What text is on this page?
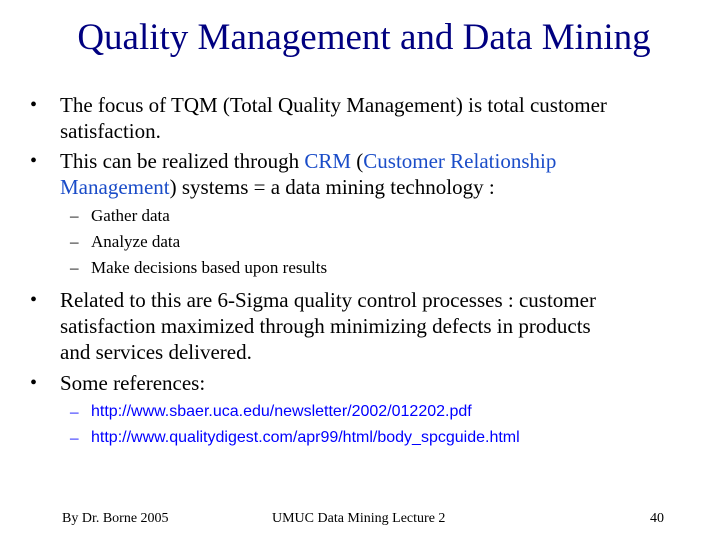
Quality Management and Data Mining
• The focus of TQM (Total Quality Management) is total customer
satisfaction.
• This can be realized through CRM (Customer Relationship
Management) systems = a data mining technology :
– Gather data
– Analyze data
– Make decisions based upon results
• Related to this are 6-Sigma quality control processes : customer
satisfaction maximized through minimizing defects in products
and services delivered.
• Some references:
– http://www.sbaer.uca.edu/newsletter/2002/012202.pdf
– http://www.qualitydigest.com/apr99/html/body_spcguide.html
By Dr. Borne 2005	UMUC Data Mining Lecture 2	40
